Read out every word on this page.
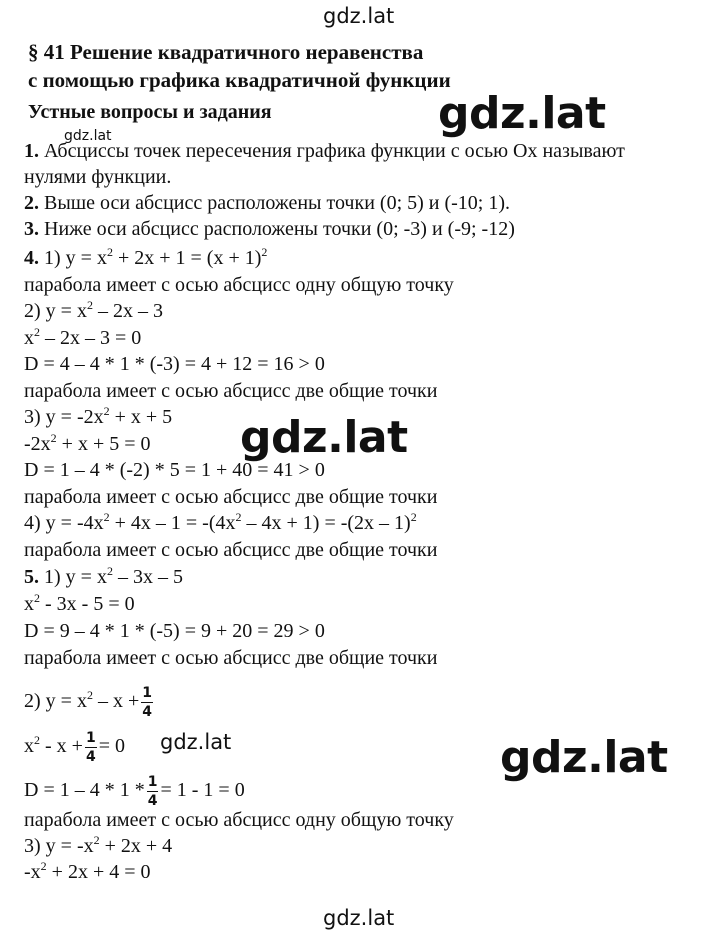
gdz.lat
gdz.lat
gdz.lat
gdz.lat
gdz.lat	gdz.lat
gdz.lat
§ 41 Решение квадратичного неравенства
с помощью графика квадратичной функции
Устные вопросы и задания
1. Абсциссы точек пересечения графика функции с осью Ох называют
нулями функции.
2. Выше оси абсцисс расположены точки (0; 5) и (-10; 1).
3. Ниже оси абсцисс расположены точки (0; -3) и (-9; -12)
4. 1) $y = x^2 + 2x + 1 = (x + 1)^2$
парабола имеет с осью абсцисс одну общую точку
2) $y = x^2 - 2x - 3$
$x^2 - 2x - 3 = 0$
D = 4 – 4 * 1 * (-3) = 4 + 12 = 16 > 0
парабола имеет с осью абсцисс две общие точки
3) $y = -2x^2 + x + 5$
$-2x^2 + x + 5 = 0$
D = 1 – 4 * (-2) * 5 = 1 + 40 = 41 > 0
парабола имеет с осью абсцисс две общие точки
4) $y = -4x^2 + 4x - 1 = -(4x^2 - 4x + 1) = -(2x - 1)^2$
парабола имеет с осью абсцисс две общие точки
5. 1) $y = x^2 - 3x - 5$
$x^2 - 3x - 5 = 0$
D = 9 – 4 * 1 * (-5) = 9 + 20 = 29 > 0
парабола имеет с осью абсцисс две общие точки
2) $y = x^2 - x + \frac{1}{4}$
$x^2 - x + \frac{1}{4} = 0$
$D = 1 - 4 * 1 * \frac{1}{4} = 1 - 1 = 0$
парабола имеет с осью абсцисс одну общую точку
3) $y = -x^2 + 2x + 4$
$-x^2 + 2x + 4 = 0$
